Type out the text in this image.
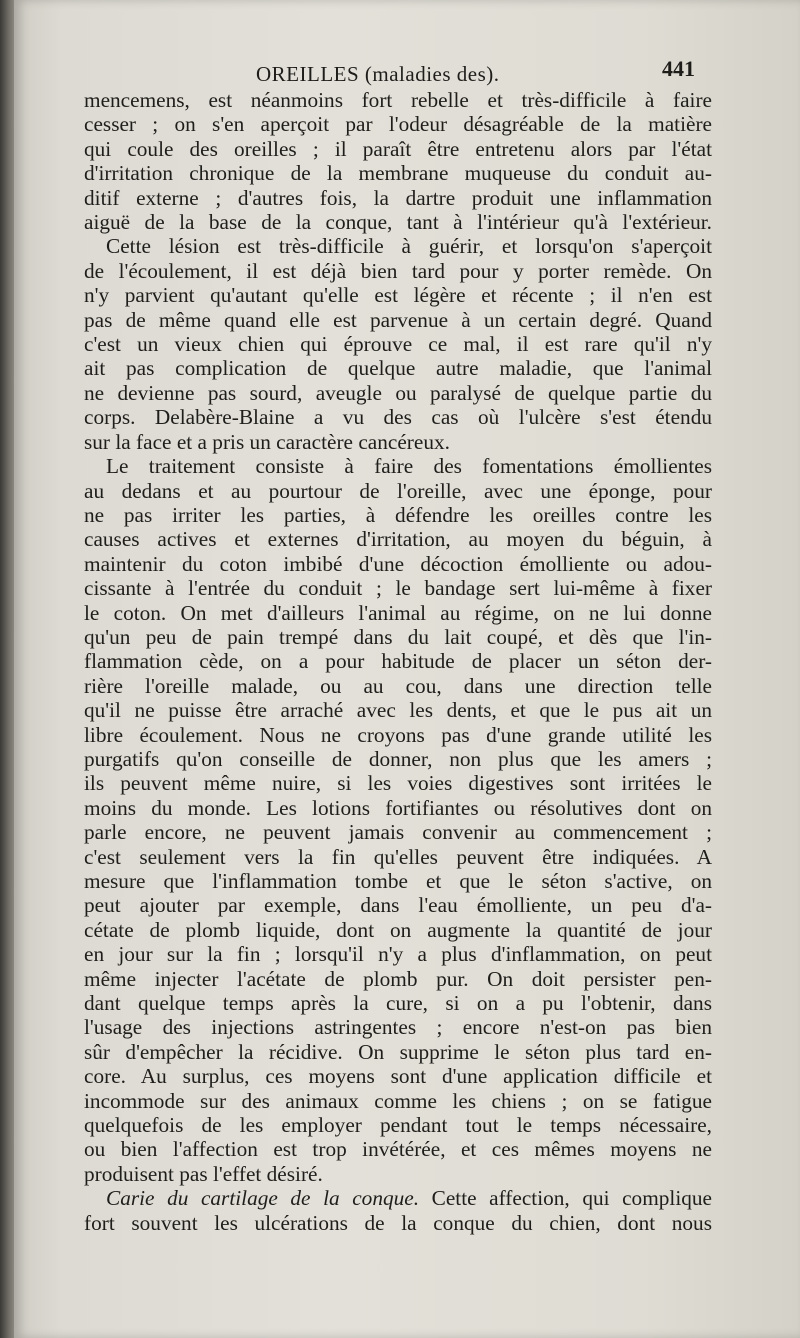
OREILLES (maladies des).	441
mencemens, est néanmoins fort rebelle et très-difficile à faire
cesser ; on s'en aperçoit par l'odeur désagréable de la matière
qui coule des oreilles ; il paraît être entretenu alors par l'état
d'irritation chronique de la membrane muqueuse du conduit au-
ditif externe ; d'autres fois, la dartre produit une inflammation
aiguë de la base de la conque, tant à l'intérieur qu'à l'extérieur.
Cette lésion est très-difficile à guérir, et lorsqu'on s'aperçoit
de l'écoulement, il est déjà bien tard pour y porter remède. On
n'y parvient qu'autant qu'elle est légère et récente ; il n'en est
pas de même quand elle est parvenue à un certain degré. Quand
c'est un vieux chien qui éprouve ce mal, il est rare qu'il n'y
ait pas complication de quelque autre maladie, que l'animal
ne devienne pas sourd, aveugle ou paralysé de quelque partie du
corps. Delabère-Blaine a vu des cas où l'ulcère s'est étendu
sur la face et a pris un caractère cancéreux.
Le traitement consiste à faire des fomentations émollientes
au dedans et au pourtour de l'oreille, avec une éponge, pour
ne pas irriter les parties, à défendre les oreilles contre les
causes actives et externes d'irritation, au moyen du béguin, à
maintenir du coton imbibé d'une décoction émolliente ou adou-
cissante à l'entrée du conduit ; le bandage sert lui-même à fixer
le coton. On met d'ailleurs l'animal au régime, on ne lui donne
qu'un peu de pain trempé dans du lait coupé, et dès que l'in-
flammation cède, on a pour habitude de placer un séton der-
rière l'oreille malade, ou au cou, dans une direction telle
qu'il ne puisse être arraché avec les dents, et que le pus ait un
libre écoulement. Nous ne croyons pas d'une grande utilité les
purgatifs qu'on conseille de donner, non plus que les amers ;
ils peuvent même nuire, si les voies digestives sont irritées le
moins du monde. Les lotions fortifiantes ou résolutives dont on
parle encore, ne peuvent jamais convenir au commencement ;
c'est seulement vers la fin qu'elles peuvent être indiquées. A
mesure que l'inflammation tombe et que le séton s'active, on
peut ajouter par exemple, dans l'eau émolliente, un peu d'a-
cétate de plomb liquide, dont on augmente la quantité de jour
en jour sur la fin ; lorsqu'il n'y a plus d'inflammation, on peut
même injecter l'acétate de plomb pur. On doit persister pen-
dant quelque temps après la cure, si on a pu l'obtenir, dans
l'usage des injections astringentes ; encore n'est-on pas bien
sûr d'empêcher la récidive. On supprime le séton plus tard en-
core. Au surplus, ces moyens sont d'une application difficile et
incommode sur des animaux comme les chiens ; on se fatigue
quelquefois de les employer pendant tout le temps nécessaire,
ou bien l'affection est trop invétérée, et ces mêmes moyens ne
produisent pas l'effet désiré.
Carie du cartilage de la conque. Cette affection, qui complique
fort souvent les ulcérations de la conque du chien, dont nous
